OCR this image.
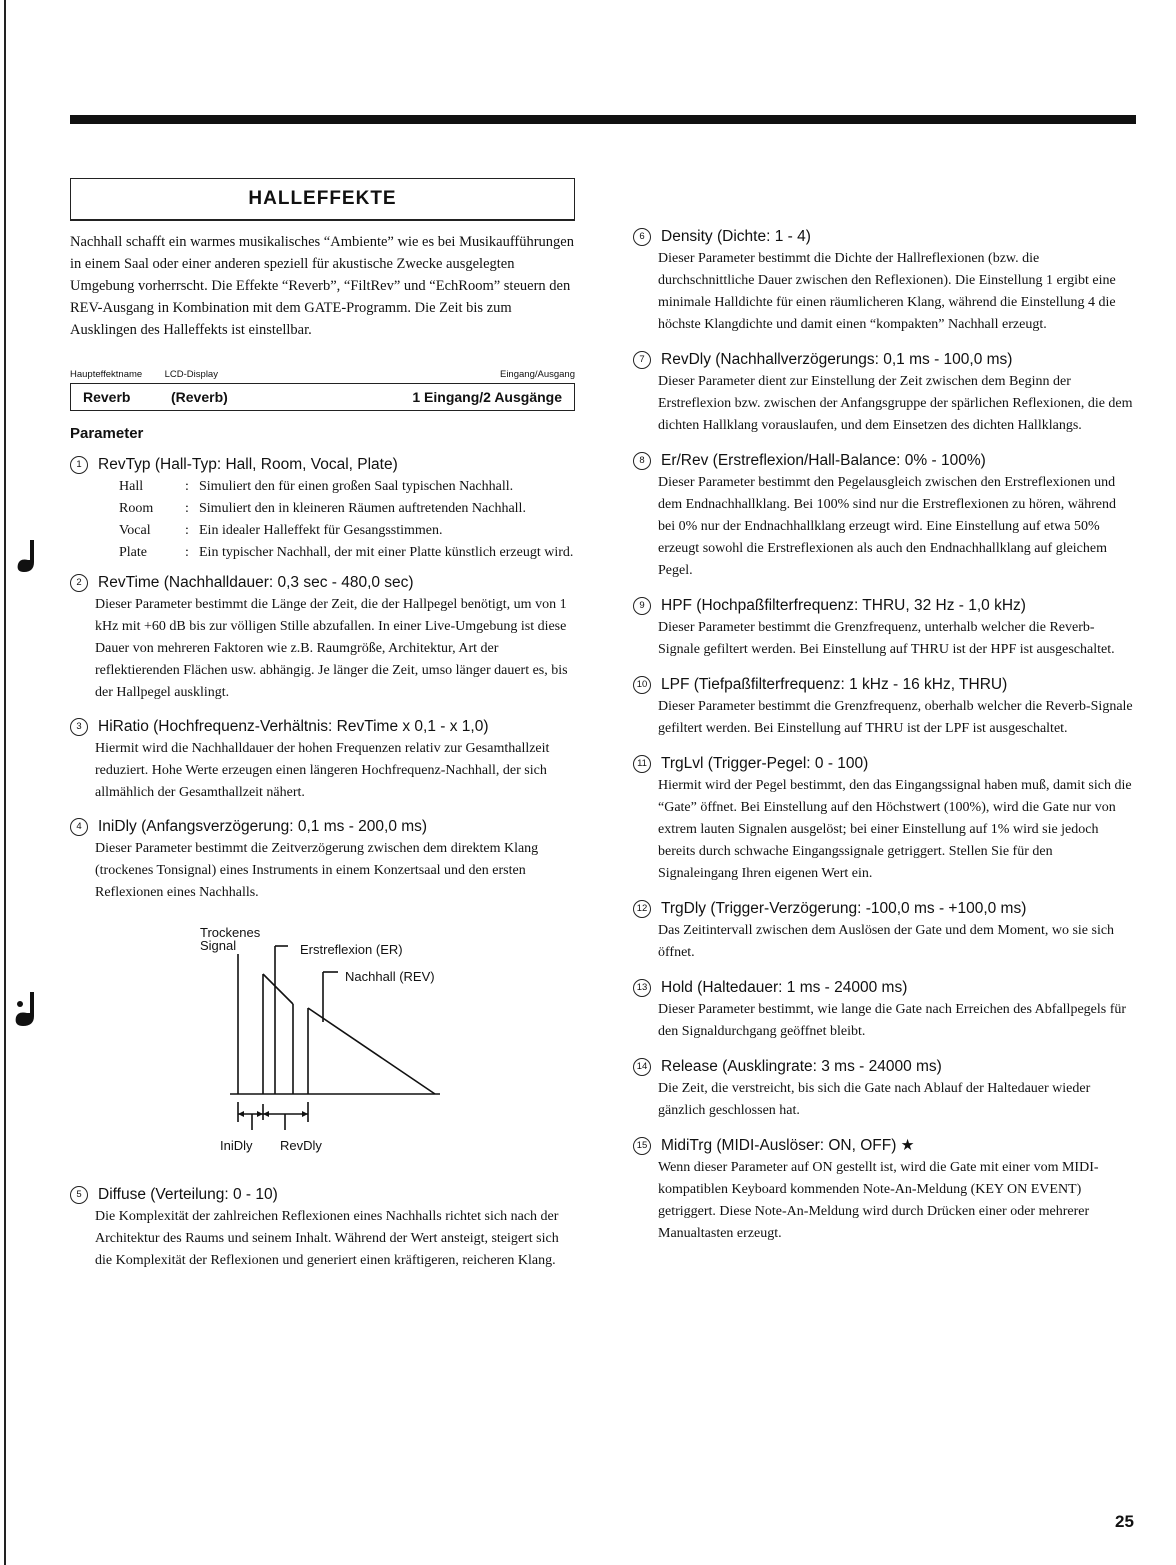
HALLEFFEKTE
Nachhall schafft ein warmes musikalisches “Ambiente” wie es bei Musikaufführungen in einem Saal oder einer anderen speziell für akustische Zwecke ausgelegten Umgebung vorherrscht. Die Effekte “Reverb”, “FiltRev” und “EchRoom” steuern den REV-Ausgang in Kombination mit dem GATE-Programm. Die Zeit bis zum Ausklingen des Halleffekts ist einstellbar.
Haupteffektname LCD-Display	Eingang/Ausgang
Reverb	(Reverb)	1 Eingang/2 Ausgänge
Parameter
1	RevTyp (Hall-Typ: Hall, Room, Vocal, Plate)
Hall	: Simuliert den für einen großen Saal typischen Nachhall.
Room	: Simuliert den in kleineren Räumen auftretenden Nachhall.
Vocal	: Ein idealer Halleffekt für Gesangsstimmen.
Plate	: Ein typischer Nachhall, der mit einer Platte künstlich erzeugt wird.
2	RevTime (Nachhalldauer: 0,3 sec - 480,0 sec)
Dieser Parameter bestimmt die Länge der Zeit, die der Hallpegel benötigt, um von 1 kHz mit +60 dB bis zur völligen Stille abzufallen. In einer Live-Umgebung ist diese Dauer von mehreren Faktoren wie z.B. Raumgröße, Architektur, Art der reflektierenden Flächen usw. abhängig. Je länger die Zeit, umso länger dauert es, bis der Hallpegel ausklingt.
3	HiRatio (Hochfrequenz-Verhältnis: RevTime x 0,1 - x 1,0)
Hiermit wird die Nachhalldauer der hohen Frequenzen relativ zur Gesamthallzeit reduziert. Hohe Werte erzeugen einen längeren Hochfrequenz-Nachhall, der sich allmählich der Gesamthallzeit nähert.
4	IniDly (Anfangsverzögerung: 0,1 ms - 200,0 ms)
Dieser Parameter bestimmt die Zeitverzögerung zwischen dem direktem Klang (trockenes Tonsignal) eines Instruments in einem Konzertsaal und den ersten Reflexionen eines Nachhalls.
Trockenes
Signal	Erstreflexion (ER)
Nachhall (REV)
IniDly RevDly
5	Diffuse (Verteilung: 0 - 10)
Die Komplexität der zahlreichen Reflexionen eines Nachhalls richtet sich nach der Architektur des Raums und seinem Inhalt. Während der Wert ansteigt, steigert sich die Komplexität der Reflexionen und generiert einen kräftigeren, reicheren Klang.
6	Density (Dichte: 1 - 4)
Dieser Parameter bestimmt die Dichte der Hallreflexionen (bzw. die durchschnittliche Dauer zwischen den Reflexionen). Die Einstellung 1 ergibt eine minimale Halldichte für einen räumlicheren Klang, während die Einstellung 4 die höchste Klangdichte und damit einen “kompakten” Nachhall erzeugt.
7	RevDly (Nachhallverzögerungs: 0,1 ms - 100,0 ms)
Dieser Parameter dient zur Einstellung der Zeit zwischen dem Beginn der Erstreflexion bzw. zwischen der Anfangsgruppe der spärlichen Reflexionen, die dem dichten Hallklang vorauslaufen, und dem Einsetzen des dichten Hallklangs.
8	Er/Rev (Erstreflexion/Hall-Balance: 0% - 100%)
Dieser Parameter bestimmt den Pegelausgleich zwischen den Erstreflexionen und dem Endnachhallklang. Bei 100% sind nur die Erstreflexionen zu hören, während bei 0% nur der Endnachhallklang erzeugt wird. Eine Einstellung auf etwa 50% erzeugt sowohl die Erstreflexionen als auch den Endnachhallklang auf gleichem Pegel.
9	HPF (Hochpaßfilterfrequenz: THRU, 32 Hz - 1,0 kHz)
Dieser Parameter bestimmt die Grenzfrequenz, unterhalb welcher die Reverb-Signale gefiltert werden. Bei Einstellung auf THRU ist der HPF ist ausgeschaltet.
10 LPF (Tiefpaßfilterfrequenz: 1 kHz - 16 kHz, THRU)
Dieser Parameter bestimmt die Grenzfrequenz, oberhalb welcher die Reverb-Signale gefiltert werden. Bei Einstellung auf THRU ist der LPF ist ausgeschaltet.
11 TrgLvl (Trigger-Pegel: 0 - 100)
Hiermit wird der Pegel bestimmt, den das Eingangssignal haben muß, damit sich die “Gate” öffnet. Bei Einstellung auf den Höchstwert (100%), wird die Gate nur von extrem lauten Signalen ausgelöst; bei einer Einstellung auf 1% wird sie jedoch bereits durch schwache Eingangssignale getriggert. Stellen Sie für den Signaleingang Ihren eigenen Wert ein.
12 TrgDly (Trigger-Verzögerung: -100,0 ms - +100,0 ms)
Das Zeitintervall zwischen dem Auslösen der Gate und dem Moment, wo sie sich öffnet.
13 Hold (Haltedauer: 1 ms - 24000 ms)
Dieser Parameter bestimmt, wie lange die Gate nach Erreichen des Abfallpegels für den Signaldurchgang geöffnet bleibt.
14 Release (Ausklingrate: 3 ms - 24000 ms)
Die Zeit, die verstreicht, bis sich die Gate nach Ablauf der Haltedauer wieder gänzlich geschlossen hat.
15 MidiTrg (MIDI-Auslöser: ON, OFF) ★
Wenn dieser Parameter auf ON gestellt ist, wird die Gate mit einer vom MIDI-kompatiblen Keyboard kommenden Note-An-Meldung (KEY ON EVENT) getriggert. Diese Note-An-Meldung wird durch Drücken einer oder mehrerer Manualtasten erzeugt.
25
